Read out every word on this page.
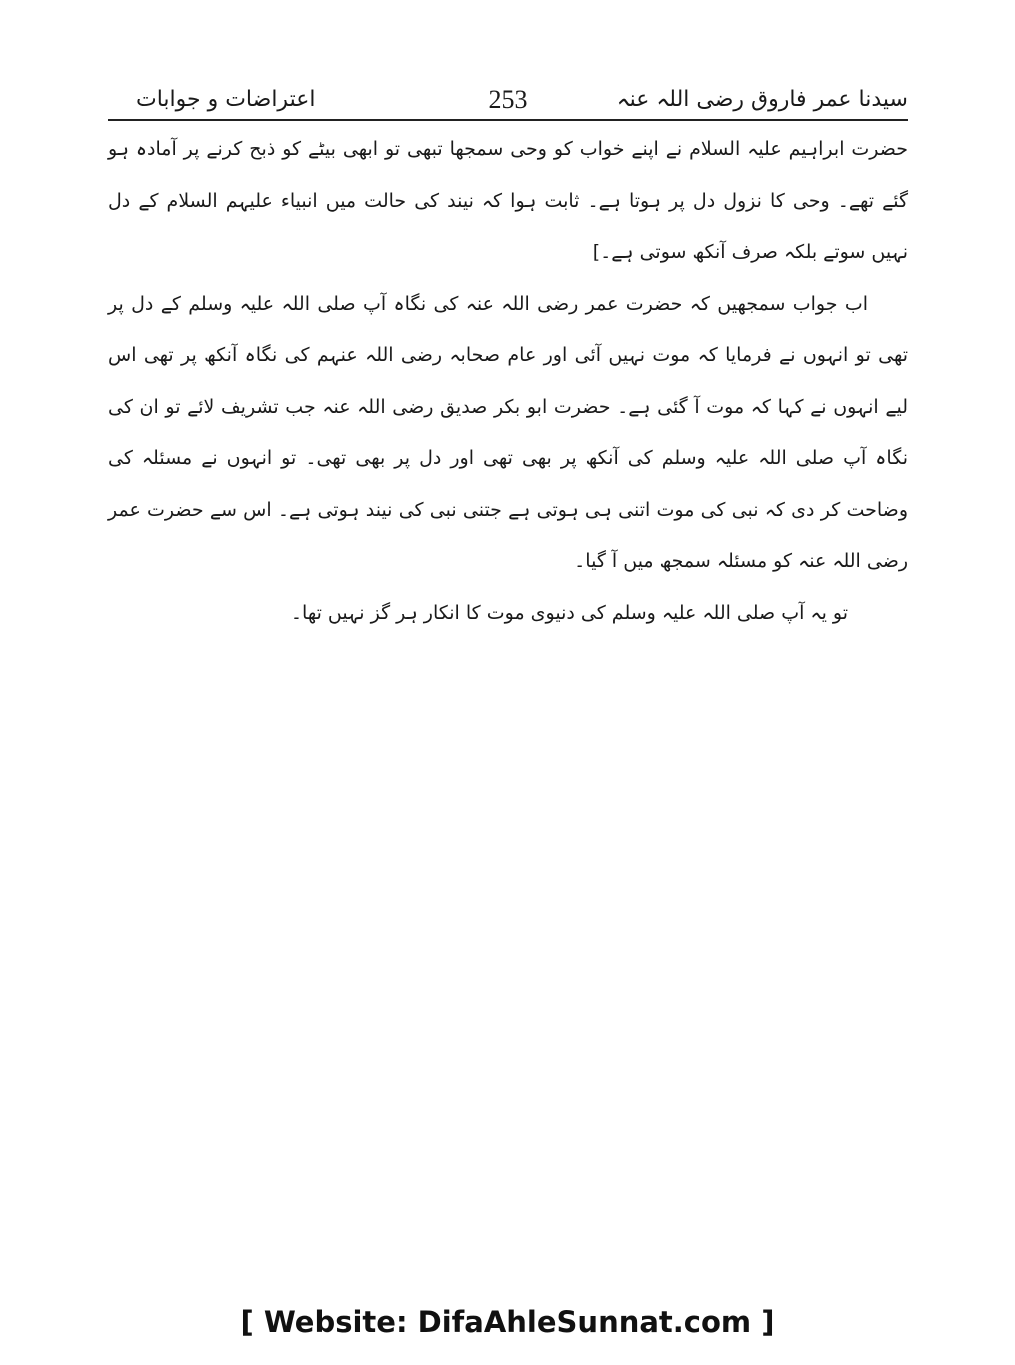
سیدنا عمر فاروق رضی اللہ عنہ
253
اعتراضات و جوابات

حضرت ابراہیم علیہ السلام نے اپنے خواب کو وحی سمجھا تبھی تو ابھی بیٹے کو ذبح کرنے پر آمادہ ہو گئے تھے۔ وحی کا نزول دل پر ہوتا ہے۔ ثابت ہوا کہ نیند کی حالت میں انبیاء علیہم السلام کے دل نہیں سوتے بلکہ صرف آنکھ سوتی ہے۔]

اب جواب سمجھیں کہ حضرت عمر رضی اللہ عنہ کی نگاہ آپ صلی اللہ علیہ وسلم کے دل پر تھی تو انہوں نے فرمایا کہ موت نہیں آئی اور عام صحابہ رضی اللہ عنہم کی نگاہ آنکھ پر تھی اس لیے انہوں نے کہا کہ موت آ گئی ہے۔ حضرت ابو بکر صدیق رضی اللہ عنہ جب تشریف لائے تو ان کی نگاہ آپ صلی اللہ علیہ وسلم کی آنکھ پر بھی تھی اور دل پر بھی تھی۔ تو انہوں نے مسئلہ کی وضاحت کر دی کہ نبی کی موت اتنی ہی ہوتی ہے جتنی نبی کی نیند ہوتی ہے۔ اس سے حضرت عمر رضی اللہ عنہ کو مسئلہ سمجھ میں آ گیا۔

تو یہ آپ صلی اللہ علیہ وسلم کی دنیوی موت کا انکار ہر گز نہیں تھا۔

[ Website: DifaAhleSunnat.com ]
